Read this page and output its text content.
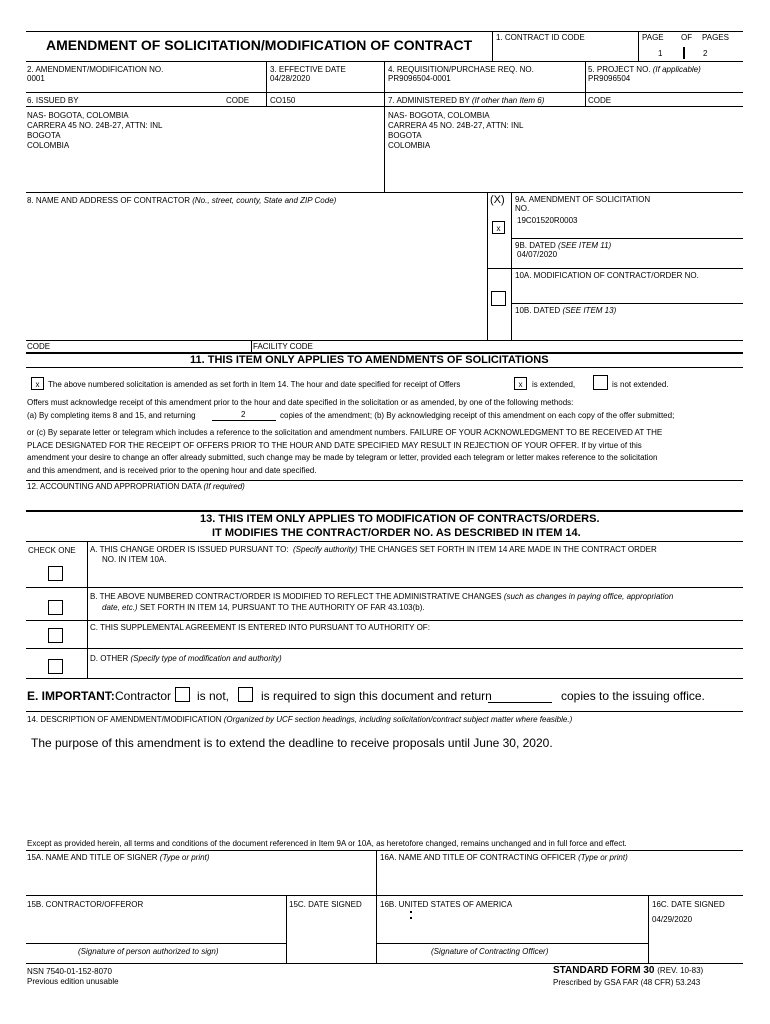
AMENDMENT OF SOLICITATION/MODIFICATION OF CONTRACT	1. CONTRACT ID CODE	PAGE OF PAGES
1	2
2. AMENDMENT/MODIFICATION NO.
0001
3. EFFECTIVE DATE
04/28/2020
4. REQUISITION/PURCHASE REQ. NO.
PR9096504-0001
5. PROJECT NO. (If applicable)
PR9096504
6. ISSUED BY	CODE	CO150
NAS- BOGOTA, COLOMBIA
CARRERA 45 NO. 24B-27, ATTN: INL
BOGOTA
COLOMBIA
7. ADMINISTERED BY (If other than Item 6)	CODE
NAS- BOGOTA, COLOMBIA
CARRERA 45 NO. 24B-27, ATTN: INL
BOGOTA
COLOMBIA
8. NAME AND ADDRESS OF CONTRACTOR (No., street, county, State and ZIP Code)	(X) 9A. AMENDMENT OF SOLICITATION
NO.
x
19C01520R0003
9B. DATED (SEE ITEM 11)
04/07/2020
10A. MODIFICATION OF CONTRACT/ORDER NO.
10B. DATED (SEE ITEM 13)
CODE	FACILITY CODE
11. THIS ITEM ONLY APPLIES TO AMENDMENTS OF SOLICITATIONS
x	The above numbered solicitation is amended as set forth in Item 14. The hour and date specified for receipt of Offers	x	is extended,	is not extended.
Offers must acknowledge receipt of this amendment prior to the hour and date specified in the solicitation or as amended, by one of the following methods:
(a) By completing items 8 and 15, and returning	2	copies of the amendment; (b) By acknowledging receipt of this amendment on each copy of the offer submitted;
or (c) By separate letter or telegram which includes a reference to the solicitation and amendment numbers. FAILURE OF YOUR ACKNOWLEDGMENT TO BE RECEIVED AT THE
PLACE DESIGNATED FOR THE RECEIPT OF OFFERS PRIOR TO THE HOUR AND DATE SPECIFIED MAY RESULT IN REJECTION OF YOUR OFFER. If by virtue of this
amendment your desire to change an offer already submitted, such change may be made by telegram or letter, provided each telegram or letter makes reference to the solicitation
and this amendment, and is received prior to the opening hour and date specified.
12. ACCOUNTING AND APPROPRIATION DATA (If required)
13. THIS ITEM ONLY APPLIES TO MODIFICATION OF CONTRACTS/ORDERS.
IT MODIFIES THE CONTRACT/ORDER NO. AS DESCRIBED IN ITEM 14.
CHECK ONE A. THIS CHANGE ORDER IS ISSUED PURSUANT TO: (Specify authority) THE CHANGES SET FORTH IN ITEM 14 ARE MADE IN THE CONTRACT ORDER
NO. IN ITEM 10A.
B. THE ABOVE NUMBERED CONTRACT/ORDER IS MODIFIED TO REFLECT THE ADMINISTRATIVE CHANGES (such as changes in paying office, appropriation
date, etc.) SET FORTH IN ITEM 14, PURSUANT TO THE AUTHORITY OF FAR 43.103(b).
C. THIS SUPPLEMENTAL AGREEMENT IS ENTERED INTO PURSUANT TO AUTHORITY OF:
D. OTHER (Specify type of modification and authority)
E. IMPORTANT: Contractor is not,	is required to sign this document and return	copies to the issuing office.
14. DESCRIPTION OF AMENDMENT/MODIFICATION (Organized by UCF section headings, including solicitation/contract subject matter where feasible.)
The purpose of this amendment is to extend the deadline to receive proposals until June 30, 2020.
Except as provided herein, all terms and conditions of the document referenced in Item 9A or 10A, as heretofore changed, remains unchanged and in full force and effect.
15A. NAME AND TITLE OF SIGNER (Type or print)	16A. NAME AND TITLE OF CONTRACTING OFFICER (Type or print)
15B. CONTRACTOR/OFFEROR	15C. DATE SIGNED 16B. UNITED STATES OF AMERICA	16C. DATE SIGNED
04/29/2020
(Signature of person authorized to sign)	(Signature of Contracting Officer)
NSN 7540-01-152-8070
Previous edition unusable
STANDARD FORM 30 (REV. 10-83)
Prescribed by GSA FAR (48 CFR) 53.243
